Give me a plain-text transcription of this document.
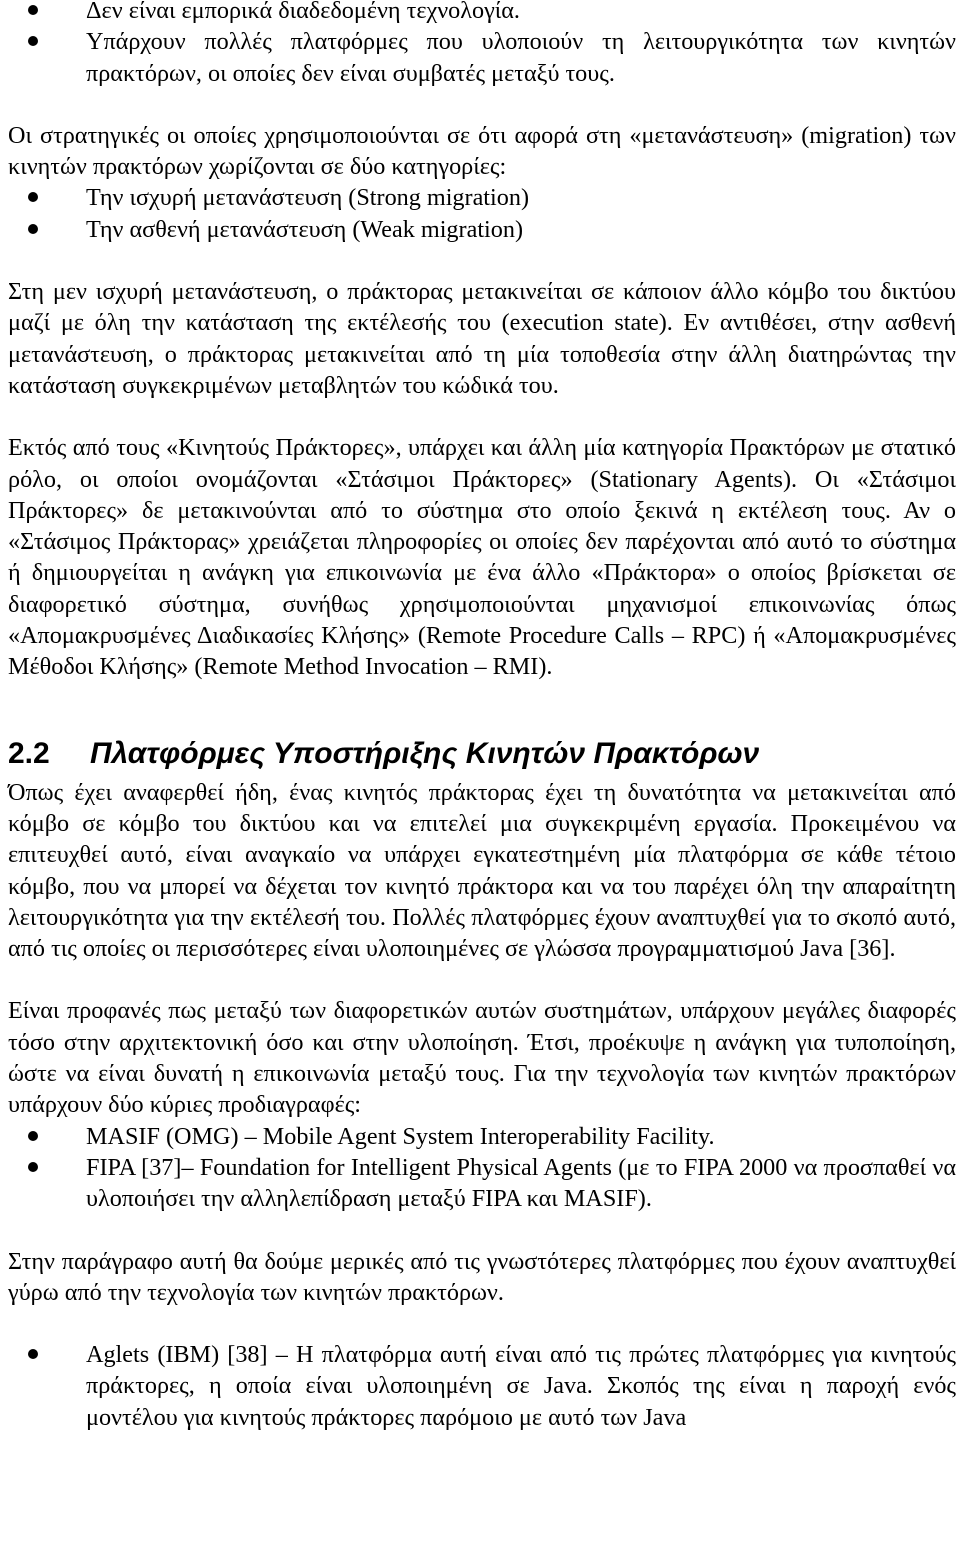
Δεν είναι εμπορικά διαδεδομένη τεχνολογία.
Υπάρχουν πολλές πλατφόρμες που υλοποιούν τη λειτουργικότητα των κινητών πρακτόρων, οι οποίες δεν είναι συμβατές μεταξύ τους.

Οι στρατηγικές οι οποίες χρησιμοποιούνται σε ότι αφορά στη «μετανάστευση» (migration) των κινητών πρακτόρων χωρίζονται σε δύο κατηγορίες:

Την ισχυρή μετανάστευση (Strong migration)
Την ασθενή μετανάστευση (Weak migration)

Στη μεν ισχυρή μετανάστευση, ο πράκτορας μετακινείται σε κάποιον άλλο κόμβο του δικτύου μαζί με όλη την κατάσταση της εκτέλεσής του (execution state). Εν αντιθέσει, στην ασθενή μετανάστευση, ο πράκτορας μετακινείται από τη μία τοποθεσία στην άλλη διατηρώντας την κατάσταση συγκεκριμένων μεταβλητών του κώδικά του.

Εκτός από τους «Κινητούς Πράκτορες», υπάρχει και άλλη μία κατηγορία Πρακτόρων με στατικό ρόλο, οι οποίοι ονομάζονται «Στάσιμοι Πράκτορες» (Stationary Agents). Οι «Στάσιμοι Πράκτορες» δε μετακινούνται από το σύστημα στο οποίο ξεκινά η εκτέλεση τους. Αν ο «Στάσιμος Πράκτορας» χρειάζεται πληροφορίες οι οποίες δεν παρέχονται από αυτό το σύστημα ή δημιουργείται η ανάγκη για επικοινωνία με ένα άλλο «Πράκτορα» ο οποίος βρίσκεται σε διαφορετικό σύστημα, συνήθως χρησιμοποιούνται μηχανισμοί επικοινωνίας όπως «Απομακρυσμένες Διαδικασίες Κλήσης» (Remote Procedure Calls – RPC) ή «Απομακρυσμένες Μέθοδοι Κλήσης» (Remote Method Invocation – RMI).

2.2 Πλατφόρμες Υποστήριξης Κινητών Πρακτόρων

Όπως έχει αναφερθεί ήδη, ένας κινητός πράκτορας έχει τη δυνατότητα να μετακινείται από κόμβο σε κόμβο του δικτύου και να επιτελεί μια συγκεκριμένη εργασία. Προκειμένου να επιτευχθεί αυτό, είναι αναγκαίο να υπάρχει εγκατεστημένη μία πλατφόρμα σε κάθε τέτοιο κόμβο, που να μπορεί να δέχεται τον κινητό πράκτορα και να του παρέχει όλη την απαραίτητη λειτουργικότητα για την εκτέλεσή του. Πολλές πλατφόρμες έχουν αναπτυχθεί για το σκοπό αυτό, από τις οποίες οι περισσότερες είναι υλοποιημένες σε γλώσσα προγραμματισμού Java [36].

Είναι προφανές πως μεταξύ των διαφορετικών αυτών συστημάτων, υπάρχουν μεγάλες διαφορές τόσο στην αρχιτεκτονική όσο και στην υλοποίηση. Έτσι, προέκυψε η ανάγκη για τυποποίηση, ώστε να είναι δυνατή η επικοινωνία μεταξύ τους. Για την τεχνολογία των κινητών πρακτόρων υπάρχουν δύο κύριες προδιαγραφές:

MASIF (OMG) – Mobile Agent System Interoperability Facility.
FIPA [37]– Foundation for Intelligent Physical Agents (με το FIPA 2000 να προσπαθεί να υλοποιήσει την αλληλεπίδραση μεταξύ FIPA και MASIF).

Στην παράγραφο αυτή θα δούμε μερικές από τις γνωστότερες πλατφόρμες που έχουν αναπτυχθεί γύρω από την τεχνολογία των κινητών πρακτόρων.

Aglets (IBM) [38] – Η πλατφόρμα αυτή είναι από τις πρώτες πλατφόρμες για κινητούς πράκτορες, η οποία είναι υλοποιημένη σε Java. Σκοπός της είναι η παροχή ενός μοντέλου για κινητούς πράκτορες παρόμοιο με αυτό των Java
